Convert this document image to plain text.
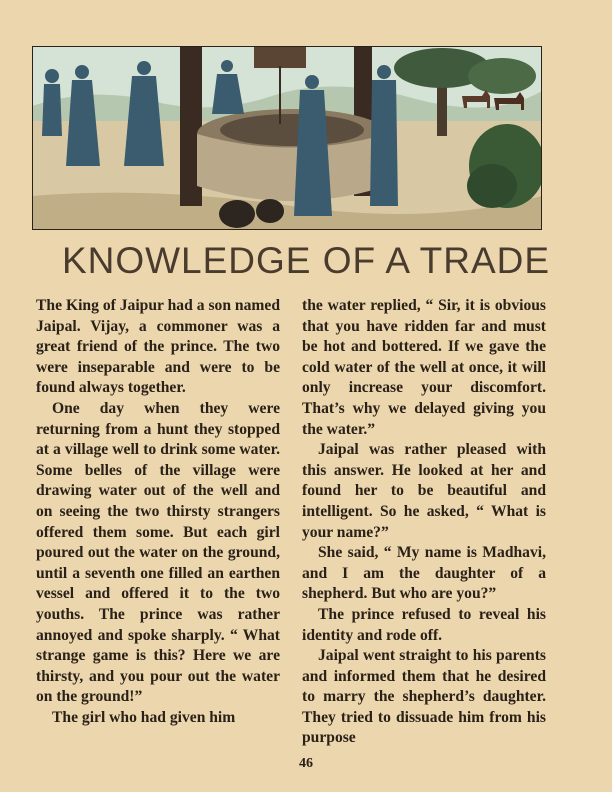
KNOWLEDGE OF A TRADE

The King of Jaipur had a son named Jaipal. Vijay, a commoner was a great friend of the prince. The two were inseparable and were to be found always together.

One day when they were returning from a hunt they stopped at a village well to drink some water. Some belles of the village were drawing water out of the well and on seeing the two thirsty strangers offered them some. But each girl poured out the water on the ground, until a seventh one filled an earthen vessel and offered it to the two youths. The prince was rather annoyed and spoke sharply. “ What strange game is this? Here we are thirsty, and you pour out the water on the ground!”

The girl who had given him

the water replied, “ Sir, it is obvious that you have ridden far and must be hot and bottered. If we gave the cold water of the well at once, it will only increase your discomfort. That’s why we delayed giving you the water.”

Jaipal was rather pleased with this answer. He looked at her and found her to be beautiful and intelligent. So he asked, “ What is your name?”

She said, “ My name is Madhavi, and I am the daughter of a shepherd. But who are you?”

The prince refused to reveal his identity and rode off.

Jaipal went straight to his parents and informed them that he desired to marry the shepherd’s daughter. They tried to dissuade him from his purpose

46
